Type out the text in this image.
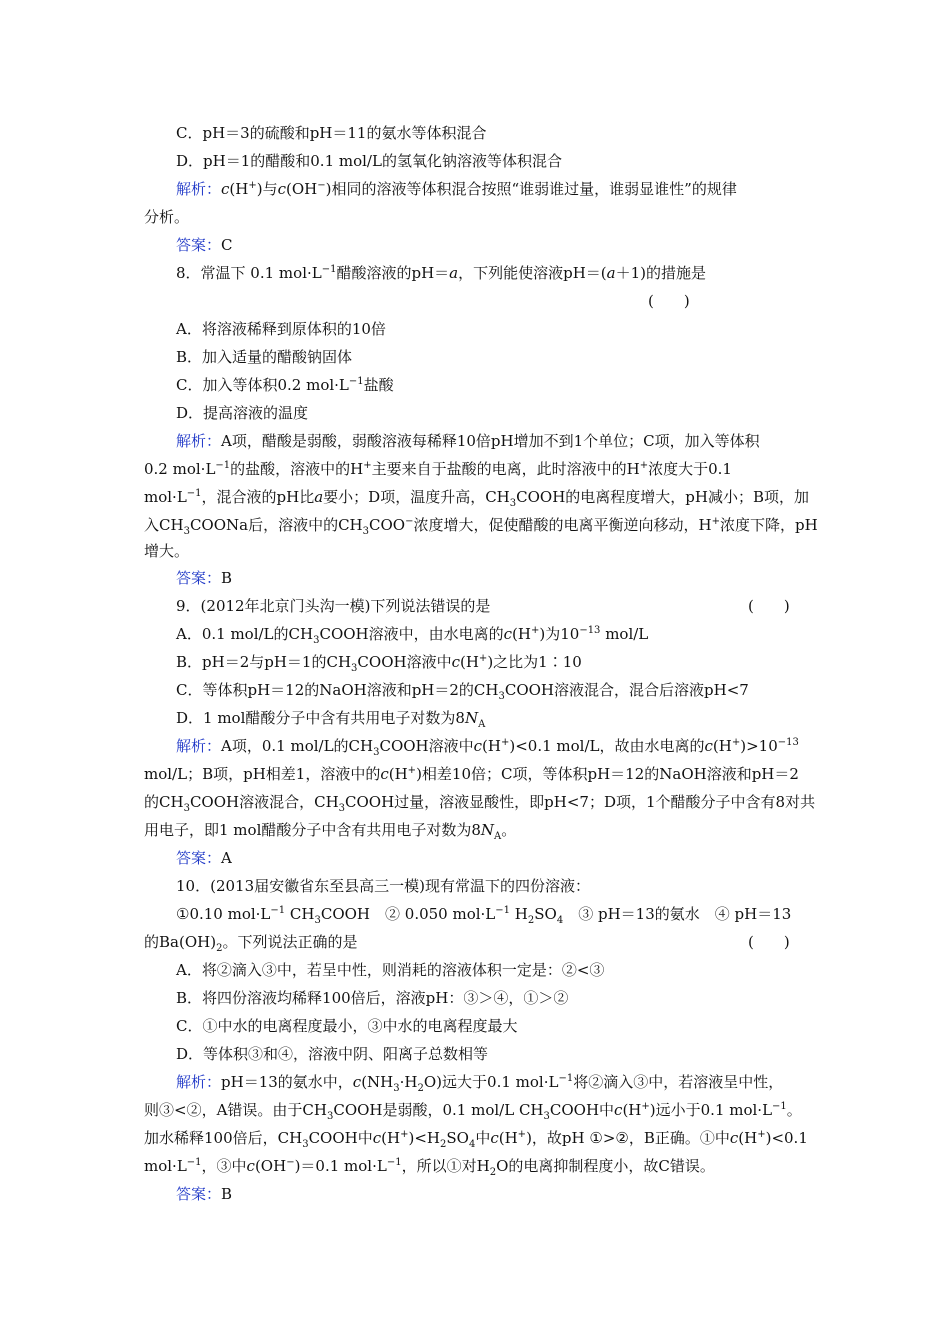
C．pH＝3的硫酸和pH＝11的氨水等体积混合
D．pH＝1的醋酸和0.1 mol/L的氢氧化钠溶液等体积混合
解析：c(H+)与c(OH−)相同的溶液等体积混合按照“谁弱谁过量，谁弱显谁性”的规律
分析。
答案：C
8．常温下 0.1 $mol\cdot L^{-1}$醋酸溶液的pH＝a，下列能使溶液pH＝(a＋1)的措施是
(　　)
A．将溶液稀释到原体积的10倍
B．加入适量的醋酸钠固体
C．加入等体积0.2 $mol\cdot L^{-1}$盐酸
D．提高溶液的温度
解析：A项，醋酸是弱酸，弱酸溶液每稀释10倍pH增加不到1个单位；C项，加入等体积
0.2 $mol\cdot L^{-1}$的盐酸，溶液中的H+主要来自于盐酸的电离，此时溶液中的H+浓度大于0.1
$mol\cdot L^{-1}$，混合液的pH比a要小；D项，温度升高，$CH_3COOH$的电离程度增大，pH减小；B项，加
入$CH_3COONa$后，溶液中的$CH_3COO^-$浓度增大，促使醋酸的电离平衡逆向移动，H+浓度下降，pH
增大。
答案：B
9．(2012年北京门头沟一模)下列说法错误的是	(　　)
A．0.1 mol/L的$CH_3COOH$溶液中，由水电离的c(H+)为$10^{-13}$ mol/L
B．pH＝2与pH＝1的$CH_3COOH$溶液中c(H+)之比为1∶10
C．等体积pH＝12的NaOH溶液和pH＝2的$CH_3COOH$溶液混合，混合后溶液pH<7
D．1 mol醋酸分子中含有共用电子对数为$8N_A$
解析：A项，0.1 mol/L的$CH_3COOH$溶液中c(H+)<0.1 mol/L，故由水电离的$c(H^+)>10^{-13}$
mol/L；B项，pH相差1，溶液中的c(H+)相差10倍；C项，等体积pH＝12的NaOH溶液和pH＝2
的$CH_3COOH$溶液混合，$CH_3COOH$过量，溶液显酸性，即pH<7；D项，1个醋酸分子中含有8对共
用电子，即1 mol醋酸分子中含有共用电子对数为$8N_A$。
答案：A
10．(2013届安徽省东至县高三一模)现有常温下的四份溶液：
①0.10 $mol\cdot L^{-1}$ $CH_3COOH$　② 0.050 $mol\cdot L^{-1}$ $H_2SO_4$　③ pH＝13的氨水　④ pH＝13
的$Ba(OH)_2$。下列说法正确的是	(　　)
A．将②滴入③中，若呈中性，则消耗的溶液体积一定是：②<③
B．将四份溶液均稀释100倍后，溶液pH：③＞④，①＞②
C．①中水的电离程度最小，③中水的电离程度最大
D．等体积③和④，溶液中阴、阳离子总数相等
解析：pH＝13的氨水中，$c(NH_3\cdot H_2O)$远大于0.1 $mol\cdot L^{-1}$将②滴入③中，若溶液呈中性，
则③<②，A错误。由于$CH_3COOH$是弱酸，0.1 mol/L $CH_3COOH$中c(H+)远小于0.1 $mol\cdot L^{-1}$。
加水稀释100倍后，$CH_3COOH$中$c(H^+)<H_2SO_4$中c(H+)，故pH ①>②，B正确。①中c(H+)<0.1
$mol\cdot L^{-1}$，③中c(OH−)＝0.1 $mol\cdot L^{-1}$，所以①对$H_2O$的电离抑制程度小，故C错误。
答案：B
